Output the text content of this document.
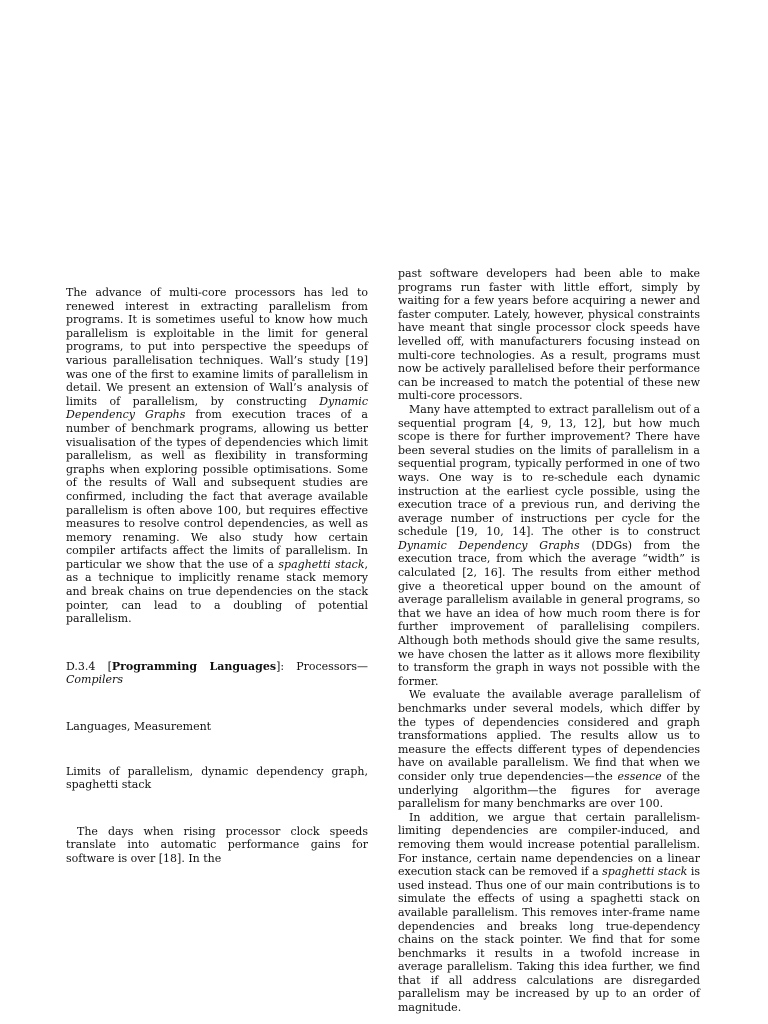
The advance of multi-core processors has led to renewed interest in extracting parallelism from programs. It is sometimes useful to know how much parallelism is exploitable in the limit for general programs, to put into perspective the speedups of various parallelisation techniques. Wall’s study [19] was one of the first to examine limits of parallelism in detail. We present an extension of Wall’s analysis of limits of parallelism, by constructing Dynamic Dependency Graphs from execution traces of a number of benchmark programs, allowing us better visualisation of the types of dependencies which limit parallelism, as well as flexibility in transforming graphs when exploring possible optimisations. Some of the results of Wall and subsequent studies are confirmed, including the fact that average available parallelism is often above 100, but requires effective measures to resolve control dependencies, as well as memory renaming. We also study how certain compiler artifacts affect the limits of parallelism. In particular we show that the use of a spaghetti stack, as a technique to implicitly rename stack memory and break chains on true dependencies on the stack pointer, can lead to a doubling of potential parallelism.

D.3.4 [Programming Languages]: Processors—Compilers

Languages, Measurement

Limits of parallelism, dynamic dependency graph, spaghetti stack

The days when rising processor clock speeds translate into automatic performance gains for software is over [18]. In the

past software developers had been able to make programs run faster with little effort, simply by waiting for a few years before acquiring a newer and faster computer. Lately, however, physical constraints have meant that single processor clock speeds have levelled off, with manufacturers focusing instead on multi-core technologies. As a result, programs must now be actively parallelised before their performance can be increased to match the potential of these new multi-core processors.

Many have attempted to extract parallelism out of a sequential program [4, 9, 13, 12], but how much scope is there for further improvement? There have been several studies on the limits of parallelism in a sequential program, typically performed in one of two ways. One way is to re-schedule each dynamic instruction at the earliest cycle possible, using the execution trace of a previous run, and deriving the average number of instructions per cycle for the schedule [19, 10, 14]. The other is to construct Dynamic Dependency Graphs (DDGs) from the execution trace, from which the average “width” is calculated [2, 16]. The results from either method give a theoretical upper bound on the amount of average parallelism available in general programs, so that we have an idea of how much room there is for further improvement of parallelising compilers. Although both methods should give the same results, we have chosen the latter as it allows more flexibility to transform the graph in ways not possible with the former.

We evaluate the available average parallelism of benchmarks under several models, which differ by the types of dependencies considered and graph transformations applied. The results allow us to measure the effects different types of dependencies have on available parallelism. We find that when we consider only true dependencies—the essence of the underlying algorithm—the figures for average parallelism for many benchmarks are over 100.

In addition, we argue that certain parallelism-limiting dependencies are compiler-induced, and removing them would increase potential parallelism. For instance, certain name dependencies on a linear execution stack can be removed if a spaghetti stack is used instead. Thus one of our main contributions is to simulate the effects of using a spaghetti stack on available parallelism. This removes inter-frame name dependencies and breaks long true-dependency chains on the stack pointer. We find that for some benchmarks it results in a twofold increase in average parallelism. Taking this idea further, we find that if all address calculations are disregarded parallelism may be increased by up to an order of magnitude.
